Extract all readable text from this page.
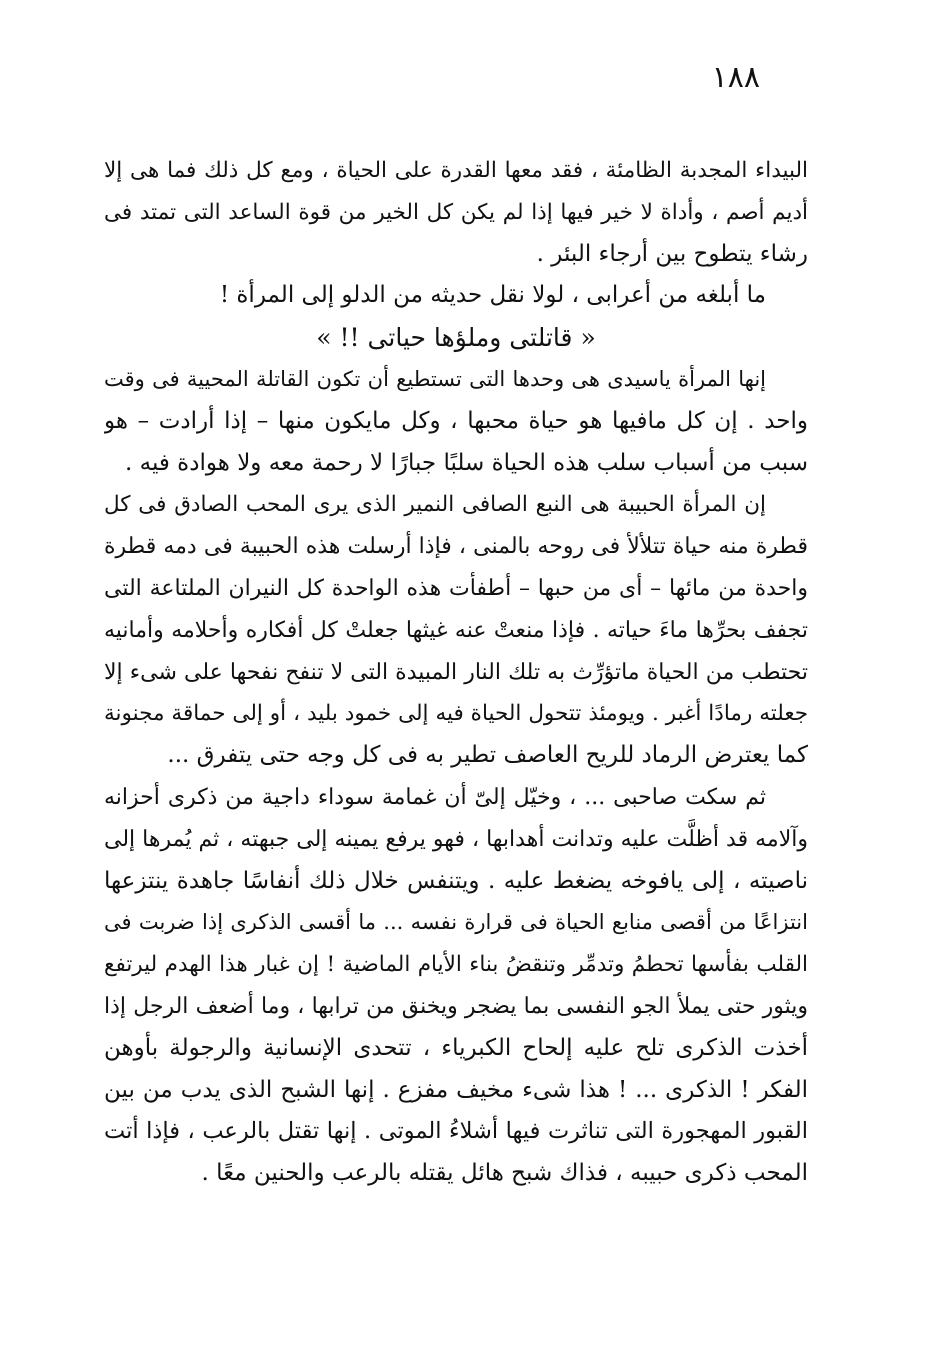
١٨٨
البيداء المجدبة الظامئة ، فقد معها القدرة على الحياة ، ومع كل ذلك فما هى إلا
أديم أصم ، وأداة لا خير فيها إذا لم يكن كل الخير من قوة الساعد التى تمتد فى
رشاء يتطوح بين أرجاء البئر .
ما أبلغه من أعرابى ، لولا نقل حديثه من الدلو إلى المرأة !
« قاتلتى وملؤها حياتى !! »
إنها المرأة ياسيدى هى وحدها التى تستطيع أن تكون القاتلة المحيية فى وقت
واحد . إن كل مافيها هو حياة محبها ، وكل مايكون منها – إذا أرادت – هو
سبب من أسباب سلب هذه الحياة سلبًا جبارًا لا رحمة معه ولا هوادة فيه .
إن المرأة الحبيبة هى النبع الصافى النمير الذى يرى المحب الصادق فى كل
قطرة منه حياة تتلألأ فى روحه بالمنى ، فإذا أرسلت هذه الحبيبة فى دمه قطرة
واحدة من مائها – أى من حبها – أطفأت هذه الواحدة كل النيران الملتاعة التى
تجفف بحرِّها ماءَ حياته . فإذا منعتْ عنه غيثها جعلتْ كل أفكاره وأحلامه وأمانيه
تحتطب من الحياة ماتؤرِّث به تلك النار المبيدة التى لا تنفح نفحها على شىء إلا
جعلته رمادًا أغبر . ويومئذ تتحول الحياة فيه إلى خمود بليد ، أو إلى حماقة مجنونة
كما يعترض الرماد للريح العاصف تطير به فى كل وجه حتى يتفرق ...
ثم سكت صاحبى ... ، وخيّل إلىّ أن غمامة سوداء داجية من ذكرى أحزانه
وآلامه قد أظلَّت عليه وتدانت أهدابها ، فهو يرفع يمينه إلى جبهته ، ثم يُمرها إلى
ناصيته ، إلى يافوخه يضغط عليه . ويتنفس خلال ذلك أنفاسًا جاهدة ينتزعها
انتزاعًا من أقصى منابع الحياة فى قرارة نفسه ... ما أقسى الذكرى إذا ضربت فى
القلب بفأسها تحطمُ وتدمِّر وتنقضُ بناء الأيام الماضية ! إن غبار هذا الهدم ليرتفع
ويثور حتى يملأ الجو النفسى بما يضجر ويخنق من ترابها ، وما أضعف الرجل إذا
أخذت الذكرى تلح عليه إلحاح الكبرياء ، تتحدى الإنسانية والرجولة بأوهن
الفكر ! الذكرى ... ! هذا شىء مخيف مفزع . إنها الشبح الذى يدب من بين
القبور المهجورة التى تناثرت فيها أشلاءُ الموتى . إنها تقتل بالرعب ، فإذا أتت
المحب ذكرى حبيبه ، فذاك شبح هائل يقتله بالرعب والحنين معًا .
